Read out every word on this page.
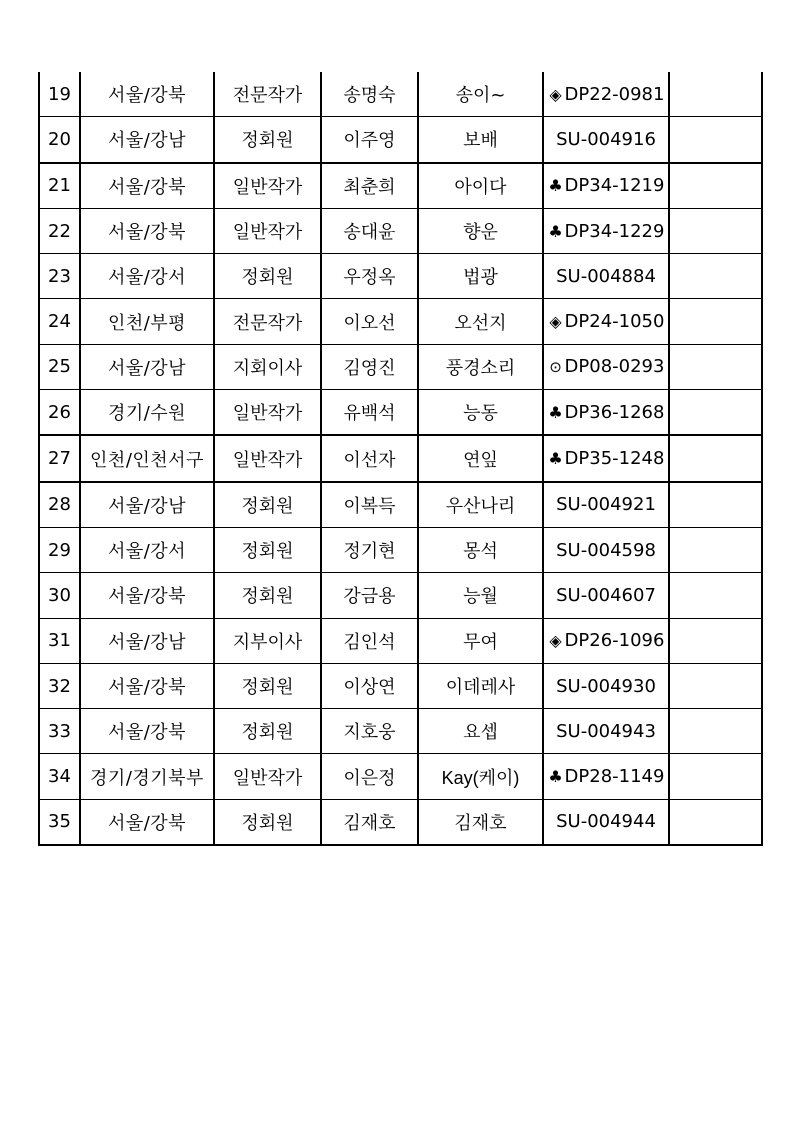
19	서울/강북	전문작가	송명숙	송이~	◈ DP22-0981	
20	서울/강남	정회원	이주영	보배	SU-004916	
21	서울/강북	일반작가	최춘희	아이다	♣ DP34-1219	
22	서울/강북	일반작가	송대윤	향운	♣ DP34-1229	
23	서울/강서	정회원	우정옥	법광	SU-004884	
24	인천/부평	전문작가	이오선	오선지	◈ DP24-1050	
25	서울/강남	지회이사	김영진	풍경소리	⊙ DP08-0293	
26	경기/수원	일반작가	유백석	능동	♣ DP36-1268	
27	인천/인천서구	일반작가	이선자	연잎	♣ DP35-1248	
28	서울/강남	정회원	이복득	우산나리	SU-004921	
29	서울/강서	정회원	정기현	몽석	SU-004598	
30	서울/강북	정회원	강금용	능월	SU-004607	
31	서울/강남	지부이사	김인석	무여	◈ DP26-1096	
32	서울/강북	정회원	이상연	이데레사	SU-004930	
33	서울/강북	정회원	지호웅	요셉	SU-004943	
34	경기/경기북부	일반작가	이은정	Kay(케이)	♣ DP28-1149	
35	서울/강북	정회원	김재호	김재호	SU-004944	
